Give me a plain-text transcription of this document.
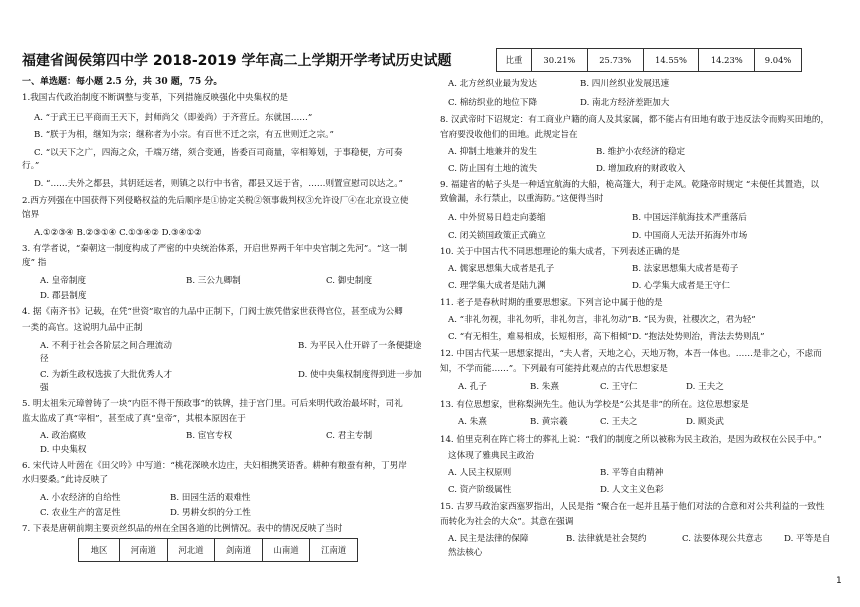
福建省闽侯第四中学 2018-2019 学年高二上学期开学考试历史试题
一、单选题：每小题 2.5 分，共 30 题，75 分。
1.我国古代政治制度不断调整与变革，下列措施反映强化中央集权的是
A. “于武王已平商而王天下，封师尚父（即姜尚）于齐营丘。东就国……”
B. “朕于为相，继知为宗；继称者为小宗。有百世不迁之宗，有五世则迁之宗。”
C. “以天下之广，四海之众，千端万绪，须合变通，皆委百司商量，宰相筹划，于事稳便，方可奏
行。”
D. “……夫外之都县，其钥廷远者，则镇之以行中书省，郡县又远于省，……则置宣慰司以达之。”
2.西方列强在中国获得下列侵略权益的先后顺序是①协定关税②领事裁判权③允许设厂④在北京设立使
馆界
A.①②③④ B.②③①④ C.①③④② D.③④①②
3. 有学者说，“秦朝这一制度构成了严密的中央统治体系，开启世界两千年中央官制之先河”。“这一制
度” 指
A. 皇帝制度	B. 三公九卿制	C. 御史制度
D. 郡县制度
4. 据《南齐书》记载，在凭“世资”取官的九品中正制下，门阀士族凭借家世获得官位，甚至成为公卿
一类的高官。这说明九品中正制
A. 不利于社会各阶层之间合理流动	B. 为平民入仕开辟了一条便捷途
径
C. 为新生政权选拔了大批优秀人才	D. 使中央集权制度得到进一步加
强
5. 明太祖朱元璋曾铸了一块“内臣不得干预政事”的铁牌，挂于宫门里。可后来明代政治最坏时，司礼
监太监成了真“宰相”，甚至成了真“皇帝”，其根本原因在于
A. 政治腐败	B. 宦官专权	C. 君主专制
D. 中央集权
6. 宋代诗人叶茵在《田父吟》中写道：“桃花深映水边庄，夫妇相携笑语香。耕种有粮蚕有种，丁男岸
水归要桑。”此诗反映了
A. 小农经济的自给性	B. 田园生活的艰难性
C. 农业生产的富足性	D. 男耕女织的分工性
7. 下表是唐朝前期主要贡丝织品的州在全国各道的比例情况。表中的情况反映了当时
地区	河南道	河北道	剑南道	山南道	江南道
比重	30.21%	25.73%	14.55%	14.23%	9.04%
A. 北方丝织业最为发达	B. 四川丝织业发展迅速
C. 棉纺织业的地位下降	D. 南北方经济差距加大
8. 汉武帝时下诏规定：有工商业户籍的商人及其家属，都不能占有田地有敢于违反法令而购买田地的，
官府要没收他们的田地。此规定旨在
A. 抑制土地兼并的发生	B. 维护小农经济的稳定
C. 防止国有土地的流失	D. 增加政府的财政收入
9. 福建省的帖子头是一种适宜航海的大船，桅高篷大，利于走风。乾隆帝时规定 “未便任其置造，以
致偷漏，永行禁止，以重海防。”这便得当时
A. 中外贸易日趋走向萎缩	B. 中国远洋航海技术严重落后
C. 闭关锁国政策正式确立	D. 中国商人无法开拓海外市场
10. 关于中国古代不同思想理论的集大成者，下列表述正确的是
A. 儒家思想集大成者是孔子	B. 法家思想集大成者是荀子
C. 理学集大成者是陆九渊	D. 心学集大成者是王守仁
11. 老子是春秋时期的重要思想家。下列言论中属于他的是
A. “非礼勿视，非礼勿听，非礼勿言，非礼勿动” B. “民为贵，社稷次之，君为轻”
C. “有无相生，难易相成，长短相形，高下相倾” D. “抱法处势则治，背法去势则乱”
12. 中国古代某一思想家提出，“夫人者，天地之心，天地万物，本吾一体也。……是非之心，不虑而
知，不学而能……”。下列最有可能持此观点的古代思想家是
A. 孔子	B. 朱熹	C. 王守仁	D. 王夫之
13. 有位思想家，世称梨洲先生。他认为学校是“公其是非”的所在。这位思想家是
A. 朱熹	B. 黄宗羲	C. 王夫之	D. 顾炎武
14. 伯里克利在阵亡将士的葬礼上说：“我们的制度之所以被称为民主政治，是因为政权在公民手中。”
这体现了雅典民主政治
A. 人民主权原则	B. 平等自由精神
C. 资产阶级属性	D. 人文主义色彩
15. 古罗马政治家西塞罗指出，人民是指 “聚合在一起并且基于他们对法的合意和对公共利益的一致性
而转化为社会的大众”。其意在强调
A. 民主是法律的保障	B. 法律就是社会契约	C. 法要体现公共意志	D. 平等是自
然法核心
1
